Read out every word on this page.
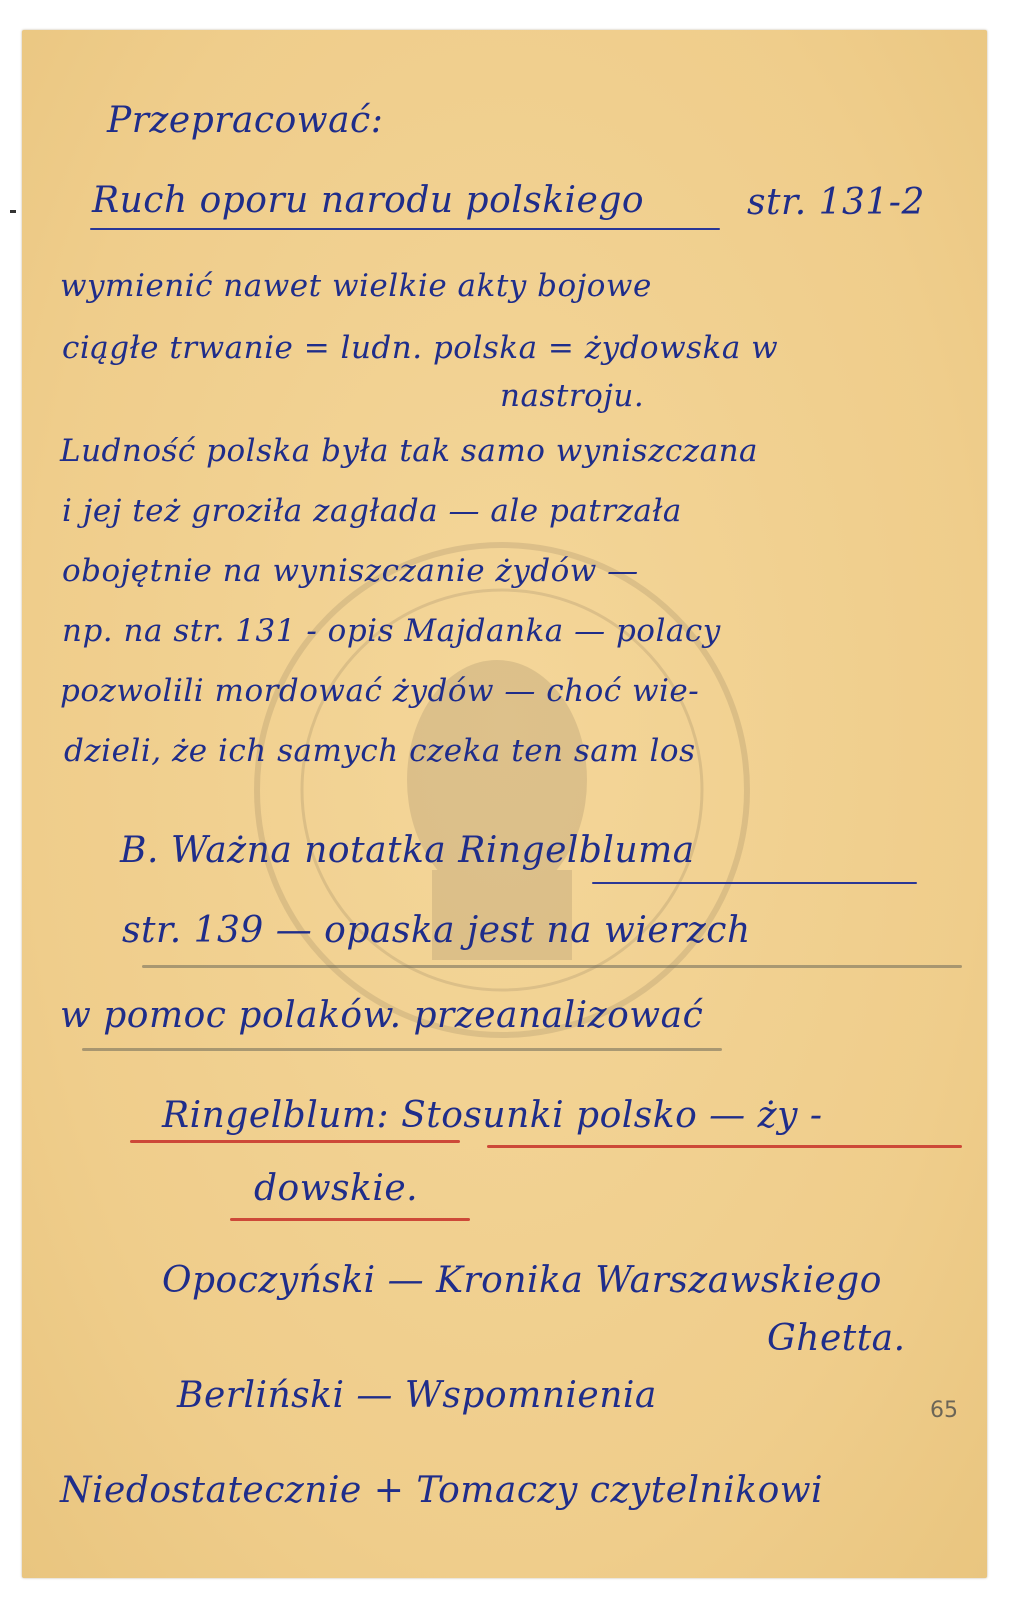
Przepracować:
Ruch oporu narodu polskiego	str. 131-2
wymienić nawet wielkie akty bojowe
ciągłe trwanie = ludn. polska = żydowska w
nastroju.
Ludność polska była tak samo wyniszczana
i jej też groziła zagłada — ale patrzała
obojętnie na wyniszczanie żydów —
np. na str. 131 - opis Majdanka — polacy
pozwolili mordować żydów — choć wie-
dzieli, że ich samych czeka ten sam los
B. Ważna notatka Ringelbluma
str. 139 — opaska jest na wierzch
w pomoc polaków. przeanalizować
Ringelblum: Stosunki polsko — ży -
dowskie.
Opoczyński — Kronika Warszawskiego
Ghetta.
Berliński — Wspomnienia	65
Niedostatecznie + Tomaczy czytelnikowi
